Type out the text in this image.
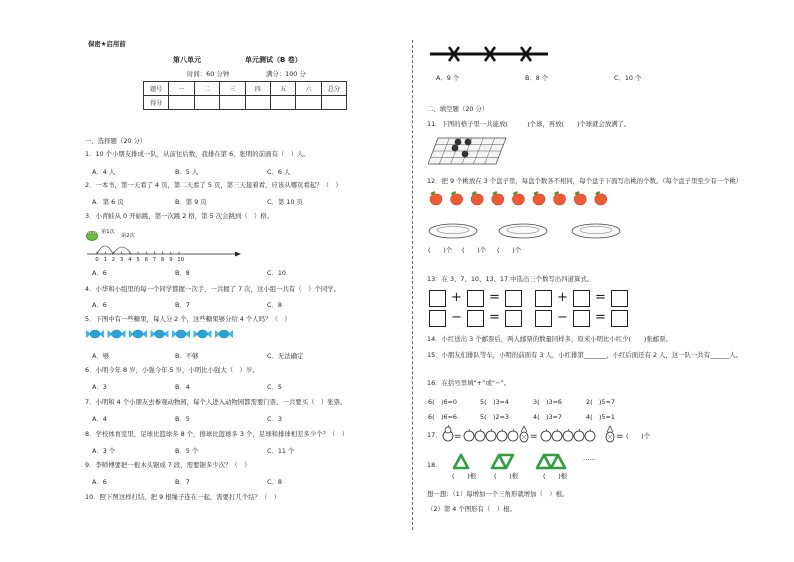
保密★启用前
第八单元	单元测试（B 卷）
时间：60 分钟	满分：100 分
题号	一	二	三	四	五	六	总分
得分							
一、选择题（20 分）
1．10 个小朋友排成一队，从前往后数，我排在第 6，张明的前面有（　）人。
A．4 人	B．5 人	C．6 人
2．一本书，第一天看了 4 页，第二天看了 5 页，第三天接着看，应该从哪页看起？（　）
A．第 6 页	B．第 9 页	C．第 10 页
3．小青蛙从 0 开始跳，第一次跳 2 格，第 5 次会跳到（　）格。
第1次
第2次
0 1 2 3 4 5 6 7 8 9 10
A．6	B．8	C．10
4．小华和小组里的每一个同学都握一次手，一共握了 7 次，这小组一共有（　）个同学。
A．6	B．7	C．8
5．下图中有一些糖果，每人分 2 个，这些糖果够分给 4 个人吗？（　）
A．够	B．不够	C．无法确定
6．小明今年 8 岁，小强今年 5 岁，小明比小强大（　）岁。
A．3	B．4	C．5
7．小明和 4 个小朋友去参观动物园，每个人进入动物园都需要门票，一共要买（　）张票。
A．4	B．5	C．3
8．学校体育室里，足球比篮球多 8 个，排球比篮球多 3 个，足球和排球相差多少个？（　）
A．3 个	B．5 个	C．11 个
9．李师傅要把一根木头锯成 7 段，需要锯多少次？（　）
A．6	B．7	C．8
10．照下图这样打结，把 9 根绳子连在一起，需要打几个结？（　）
A．9 个	B．8 个	C．10 个
二、填空题（20 分）
11．下图的格子里一共能放(　　　)个球，再放(　　)个球就会放满了。
12．把 9 个桃放在 3 个盘子里，每盘个数各不相同，每个盘子下面写出桃的个数。（每个盘子里至少有一个桃）
(　　)个 (　　)个 (　　)个
13．在 3、7、10、13、17 中选出三个数写出四道算式。
+ =	+ =
− =	− =
14．小红送出 3 个邮票后，两人邮票的数量同样多，原来小明比小红少(　　)张邮票。
15．小朋友们排队等车，小明的前面有 3 人，小红排第_______，小红后面还有 2 人，这一队一共有______人。
16．在括号里填“+”或“−”。
6(　)6=0	5(　)3=4	3(　)3=6	2(　)5=7
6(　)6=6	5(　)2=3	4(　)3=7	4(　)5=1
17． =	=	= (　　)个
18．
……
(　　)根	(　　)根	(　　)根
想一想：（1）每增加一个三角形就增加（　）根。
（2）第 4 个图形有（　）根。
